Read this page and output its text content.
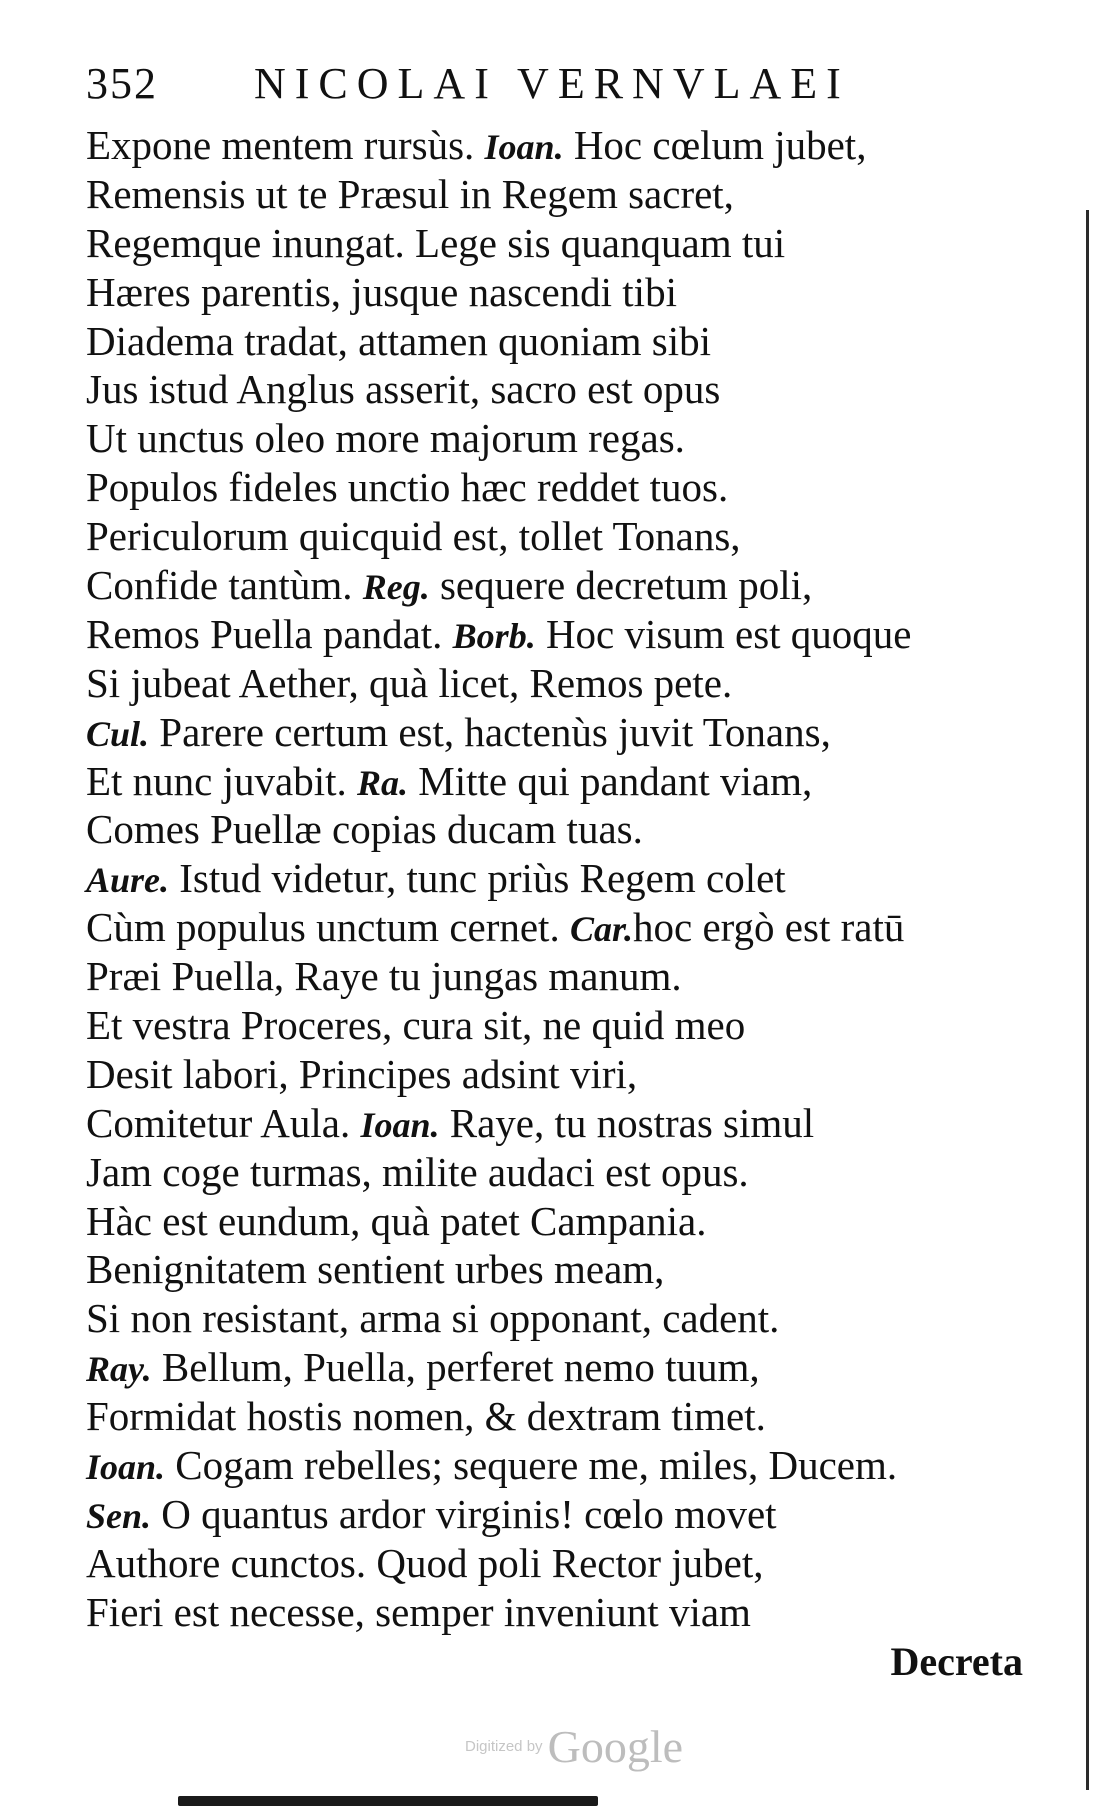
352 NICOLAI VERNVLAEI
Expone mentem rursùs. Ioan. Hoc cœlum jubet,
Remensis ut te Præsul in Regem sacret,
Regemque inungat. Lege sis quanquam tui
Hæres parentis, jusque nascendi tibi
Diadema tradat, attamen quoniam sibi
Jus istud Anglus asserit, sacro est opus
Ut unctus oleo more majorum regas.
Populos fideles unctio hæc reddet tuos.
Periculorum quicquid est, tollet Tonans,
Confide tantùm. Reg. sequere decretum poli,
Remos Puella pandat. Borb. Hoc visum est quoque
Si jubeat Aether, quà licet, Remos pete.
Cul. Parere certum est, hactenùs juvit Tonans,
Et nunc juvabit. Ra. Mitte qui pandant viam,
Comes Puellæ copias ducam tuas.
Aure. Istud videtur, tunc priùs Regem colet
Cùm populus unctum cernet. Car.hoc ergò est ratū
Præi Puella, Raye tu jungas manum.
Et vestra Proceres, cura sit, ne quid meo
Desit labori, Principes adsint viri,
Comitetur Aula. Ioan. Raye, tu nostras simul
Jam coge turmas, milite audaci est opus.
Hàc est eundum, quà patet Campania.
Benignitatem sentient urbes meam,
Si non resistant, arma si opponant, cadent.
Ray. Bellum, Puella, perferet nemo tuum,
Formidat hostis nomen, & dextram timet.
Ioan. Cogam rebelles; sequere me, miles, Ducem.
Sen. O quantus ardor virginis! cœlo movet
Authore cunctos. Quod poli Rector jubet,
Fieri est necesse, semper inveniunt viam
Decreta
Digitized by Google
